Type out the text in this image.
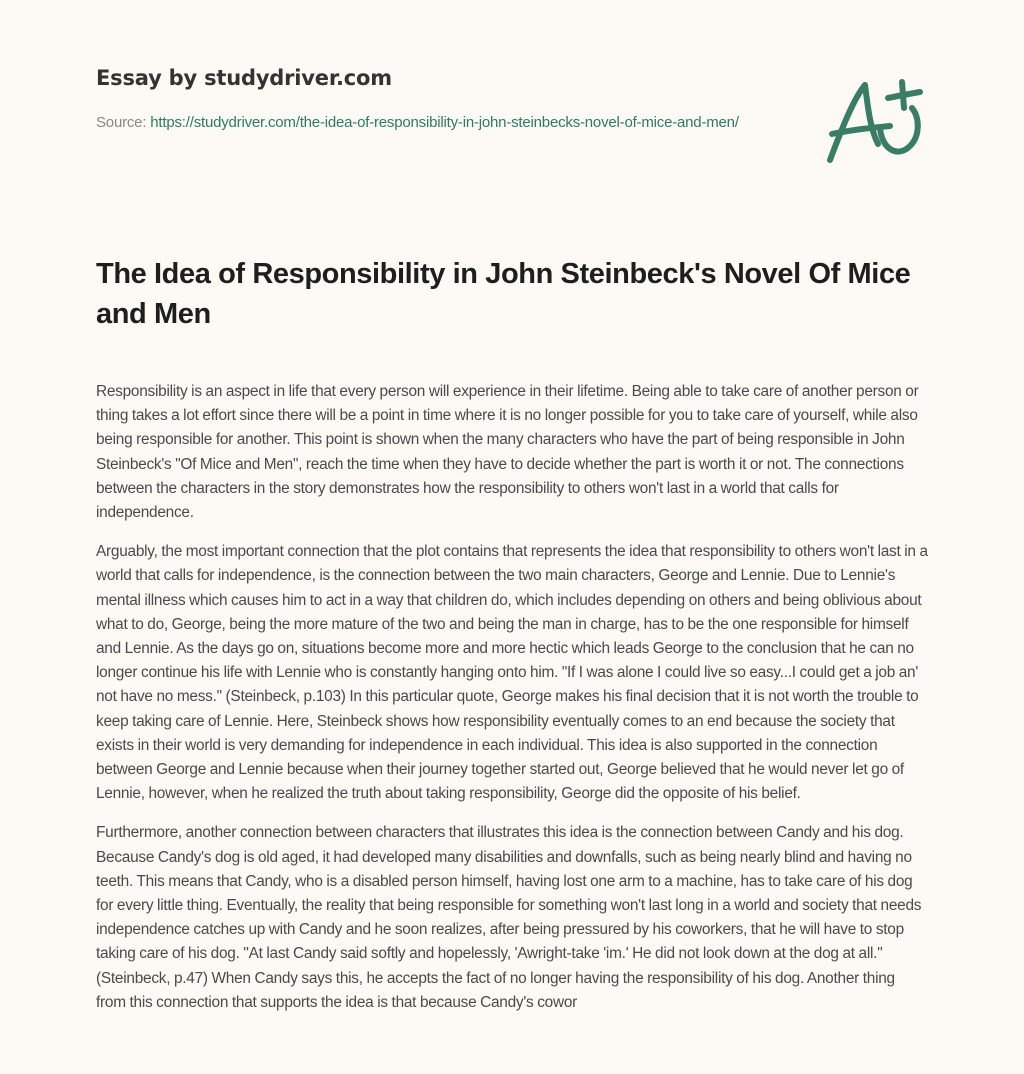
Essay by studydriver.com
Source: https://studydriver.com/the-idea-of-responsibility-in-john-steinbecks-novel-of-mice-and-men/
The Idea of Responsibility in John Steinbeck's Novel Of Mice and Men

Responsibility is an aspect in life that every person will experience in their lifetime. Being able to take care of another person or thing takes a lot effort since there will be a point in time where it is no longer possible for you to take care of yourself, while also being responsible for another. This point is shown when the many characters who have the part of being responsible in John Steinbeck's "Of Mice and Men", reach the time when they have to decide whether the part is worth it or not. The connections between the characters in the story demonstrates how the responsibility to others won't last in a world that calls for independence.

Arguably, the most important connection that the plot contains that represents the idea that responsibility to others won't last in a world that calls for independence, is the connection between the two main characters, George and Lennie. Due to Lennie's mental illness which causes him to act in a way that children do, which includes depending on others and being oblivious about what to do, George, being the more mature of the two and being the man in charge, has to be the one responsible for himself and Lennie. As the days go on, situations become more and more hectic which leads George to the conclusion that he can no longer continue his life with Lennie who is constantly hanging onto him. "If I was alone I could live so easy...I could get a job an' not have no mess." (Steinbeck, p.103) In this particular quote, George makes his final decision that it is not worth the trouble to keep taking care of Lennie. Here, Steinbeck shows how responsibility eventually comes to an end because the society that exists in their world is very demanding for independence in each individual. This idea is also supported in the connection between George and Lennie because when their journey together started out, George believed that he would never let go of Lennie, however, when he realized the truth about taking responsibility, George did the opposite of his belief.

Furthermore, another connection between characters that illustrates this idea is the connection between Candy and his dog. Because Candy's dog is old aged, it had developed many disabilities and downfalls, such as being nearly blind and having no teeth. This means that Candy, who is a disabled person himself, having lost one arm to a machine, has to take care of his dog for every little thing. Eventually, the reality that being responsible for something won't last long in a world and society that needs independence catches up with Candy and he soon realizes, after being pressured by his coworkers, that he will have to stop taking care of his dog. "At last Candy said softly and hopelessly, 'Awright-take 'im.' He did not look down at the dog at all." (Steinbeck, p.47) When Candy says this, he accepts the fact of no longer having the responsibility of his dog. Another thing from this connection that supports the idea is that because Candy's cowor
